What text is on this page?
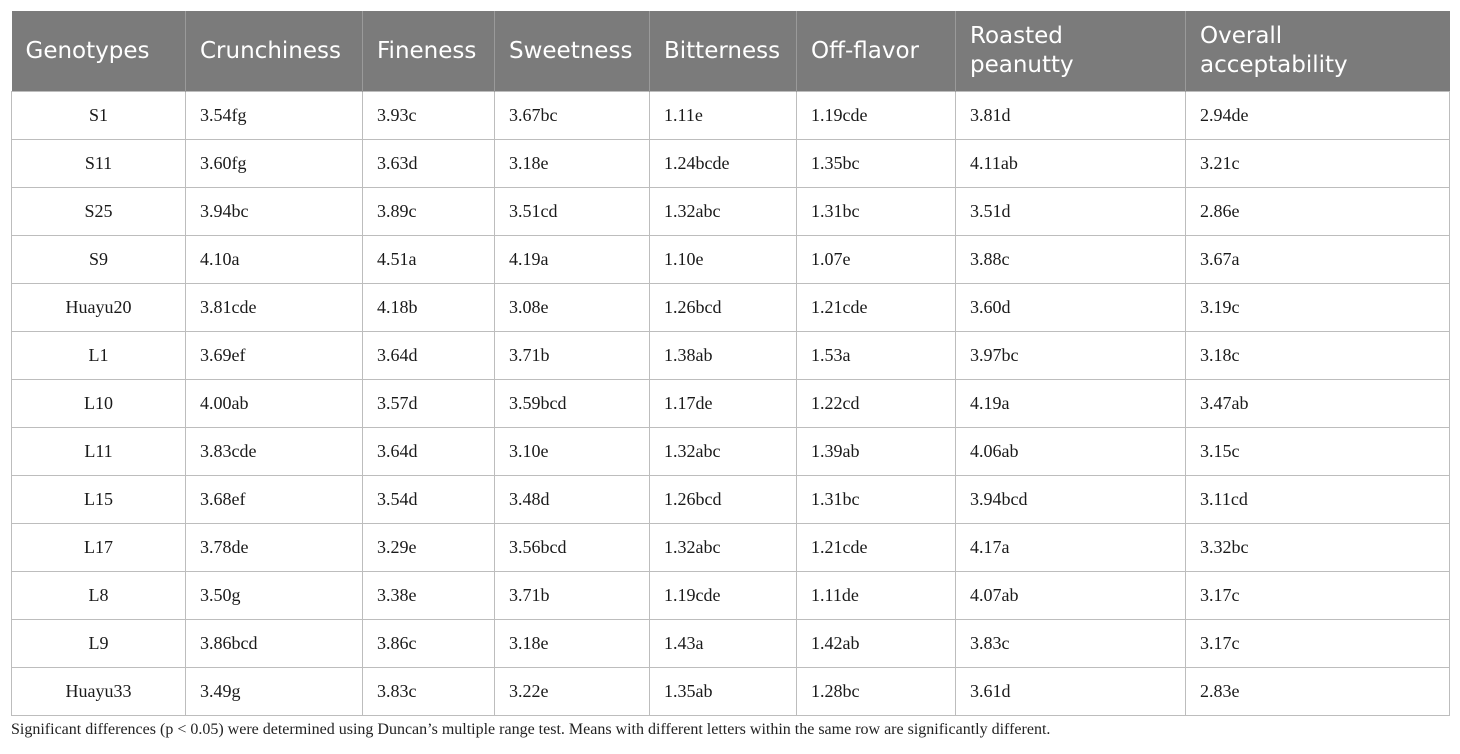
Genotypes	Crunchiness	Fineness	Sweetness	Bitterness	Off-flavor	Roasted peanutty	Overall acceptability
S1	3.54fg	3.93c	3.67bc	1.11e	1.19cde	3.81d	2.94de
S11	3.60fg	3.63d	3.18e	1.24bcde	1.35bc	4.11ab	3.21c
S25	3.94bc	3.89c	3.51cd	1.32abc	1.31bc	3.51d	2.86e
S9	4.10a	4.51a	4.19a	1.10e	1.07e	3.88c	3.67a
Huayu20	3.81cde	4.18b	3.08e	1.26bcd	1.21cde	3.60d	3.19c
L1	3.69ef	3.64d	3.71b	1.38ab	1.53a	3.97bc	3.18c
L10	4.00ab	3.57d	3.59bcd	1.17de	1.22cd	4.19a	3.47ab
L11	3.83cde	3.64d	3.10e	1.32abc	1.39ab	4.06ab	3.15c
L15	3.68ef	3.54d	3.48d	1.26bcd	1.31bc	3.94bcd	3.11cd
L17	3.78de	3.29e	3.56bcd	1.32abc	1.21cde	4.17a	3.32bc
L8	3.50g	3.38e	3.71b	1.19cde	1.11de	4.07ab	3.17c
L9	3.86bcd	3.86c	3.18e	1.43a	1.42ab	3.83c	3.17c
Huayu33	3.49g	3.83c	3.22e	1.35ab	1.28bc	3.61d	2.83e
Significant differences (p < 0.05) were determined using Duncan’s multiple range test. Means with different letters within the same row are significantly different.
